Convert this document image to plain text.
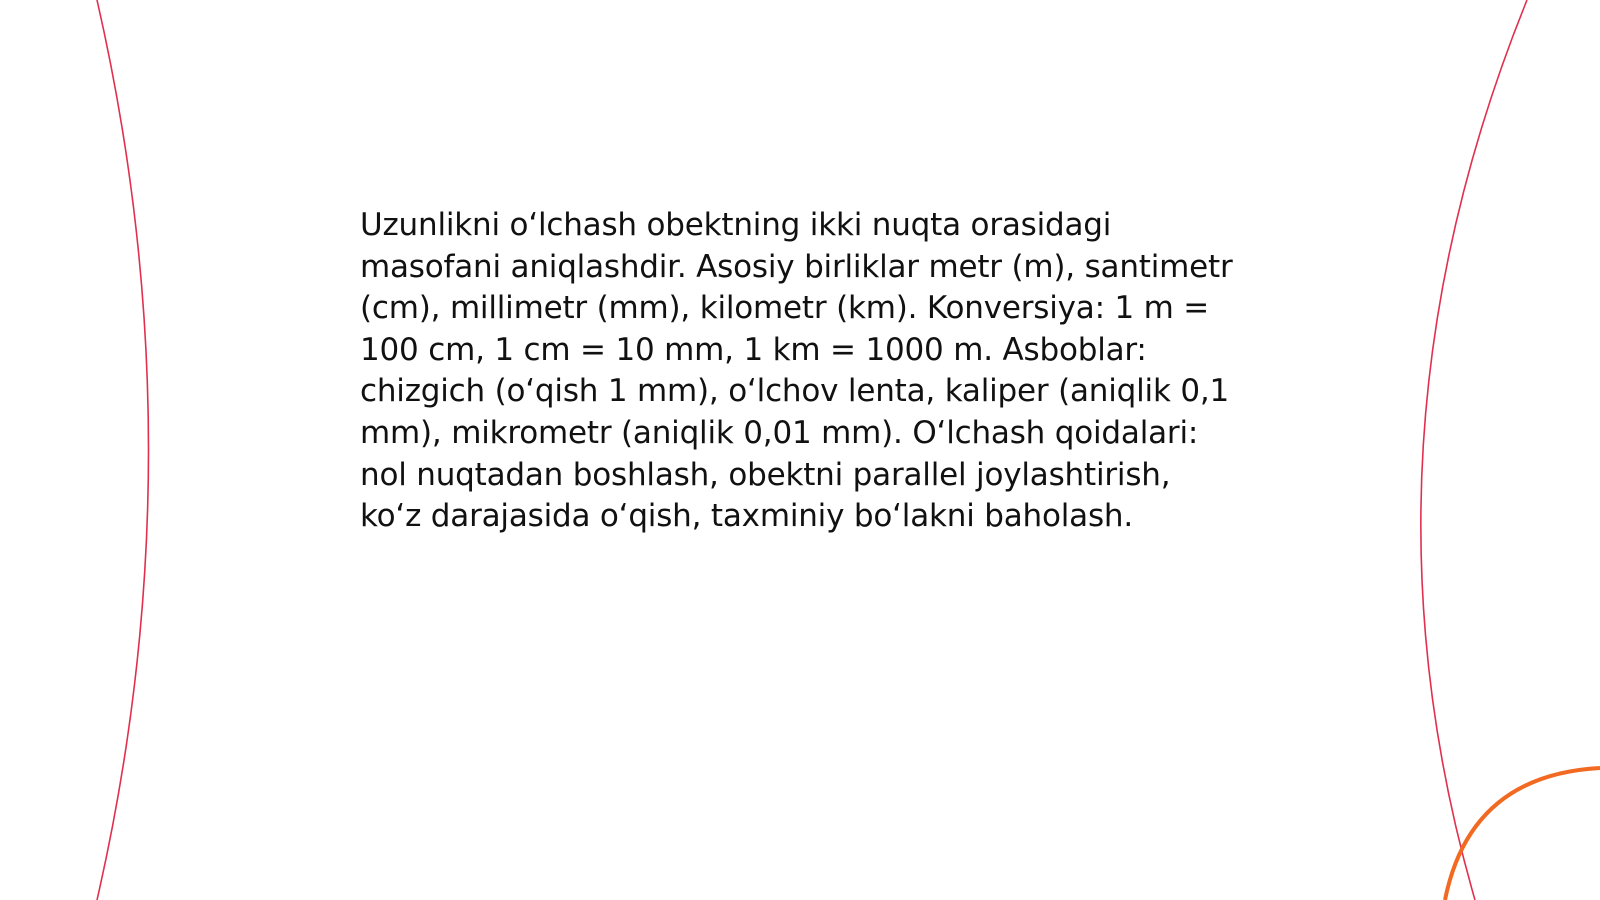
Uzunlikni oʻlchash obektning ikki nuqta orasidagi masofani aniqlashdir. Asosiy birliklar metr (m), santimetr (cm), millimetr (mm), kilometr (km). Konversiya: 1 m = 100 cm, 1 cm = 10 mm, 1 km = 1000 m. Asboblar: chizgich (oʻqish 1 mm), oʻlchov lenta, kaliper (aniqlik 0,1 mm), mikrometr (aniqlik 0,01 mm). Oʻlchash qoidalari: nol nuqtadan boshlash, obektni parallel joylashtirish, koʻz darajasida oʻqish, taxminiy boʻlakni baholash.
